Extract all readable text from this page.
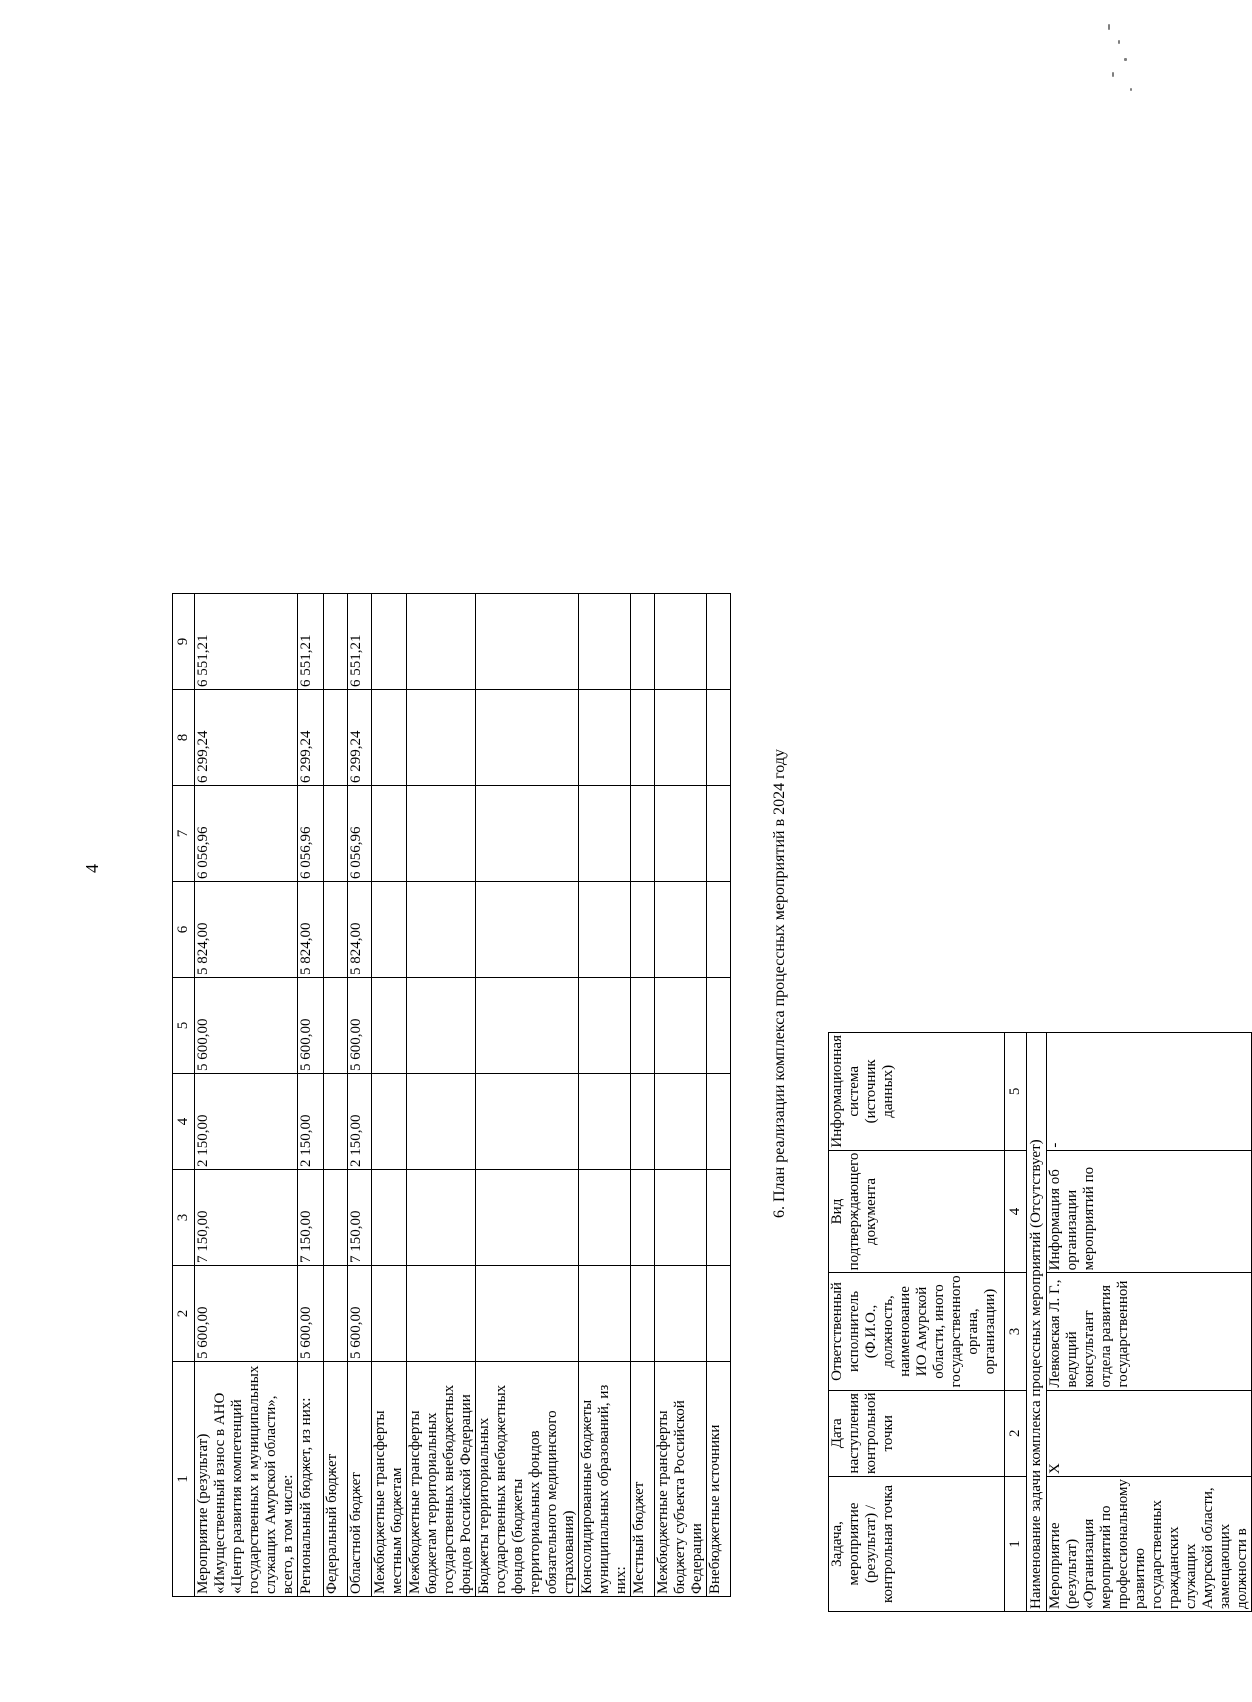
4
1	2	3	4	5	6	7	8	9
Мероприятие (результат) «Имущественный взнос в АНО «Центр развития компетенций государственных и муниципальных служащих Амурской области», всего, в том числе:	5 600,00	7 150,00	2 150,00	5 600,00	5 824,00	6 056,96	6 299,24	6 551,21
Региональный бюджет, из них:	5 600,00	7 150,00	2 150,00	5 600,00	5 824,00	6 056,96	6 299,24	6 551,21
Федеральный бюджет								
Областной бюджет	5 600,00	7 150,00	2 150,00	5 600,00	5 824,00	6 056,96	6 299,24	6 551,21
Межбюджетные трансферты местным бюджетам								
Межбюджетные трансферты бюджетам территориальных государственных внебюджетных фондов Российской Федерации								
Бюджеты территориальных государственных внебюджетных фондов (бюджеты территориальных фондов обязательного медицинского страхования)								
Консолидированные бюджеты муниципальных образований, из них:								
Местный бюджет								
Межбюджетные трансферты бюджету субъекта Российской Федерации								
Внебюджетные источники								
6. План реализации комплекса процессных мероприятий в 2024 году
Задача, мероприятие (результат) / контрольная точка	Дата наступления контрольной точки	Ответственный исполнитель (Ф.И.О., должность, наименование ИО Амурской области, иного государственного органа, организации)	Вид подтверждающего документа	Информационная система (источник данных)
1	2	3	4	5
Наименование задачи комплекса процессных мероприятий (Отсутствует)				
Мероприятие (результат) «Организация мероприятий по профессиональному развитию государственных гражданских служащих Амурской области, замещающих должности в	Х	Левковская Л. Г., ведущий консультант отдела развития государственной	Информация об организации мероприятий по	-
